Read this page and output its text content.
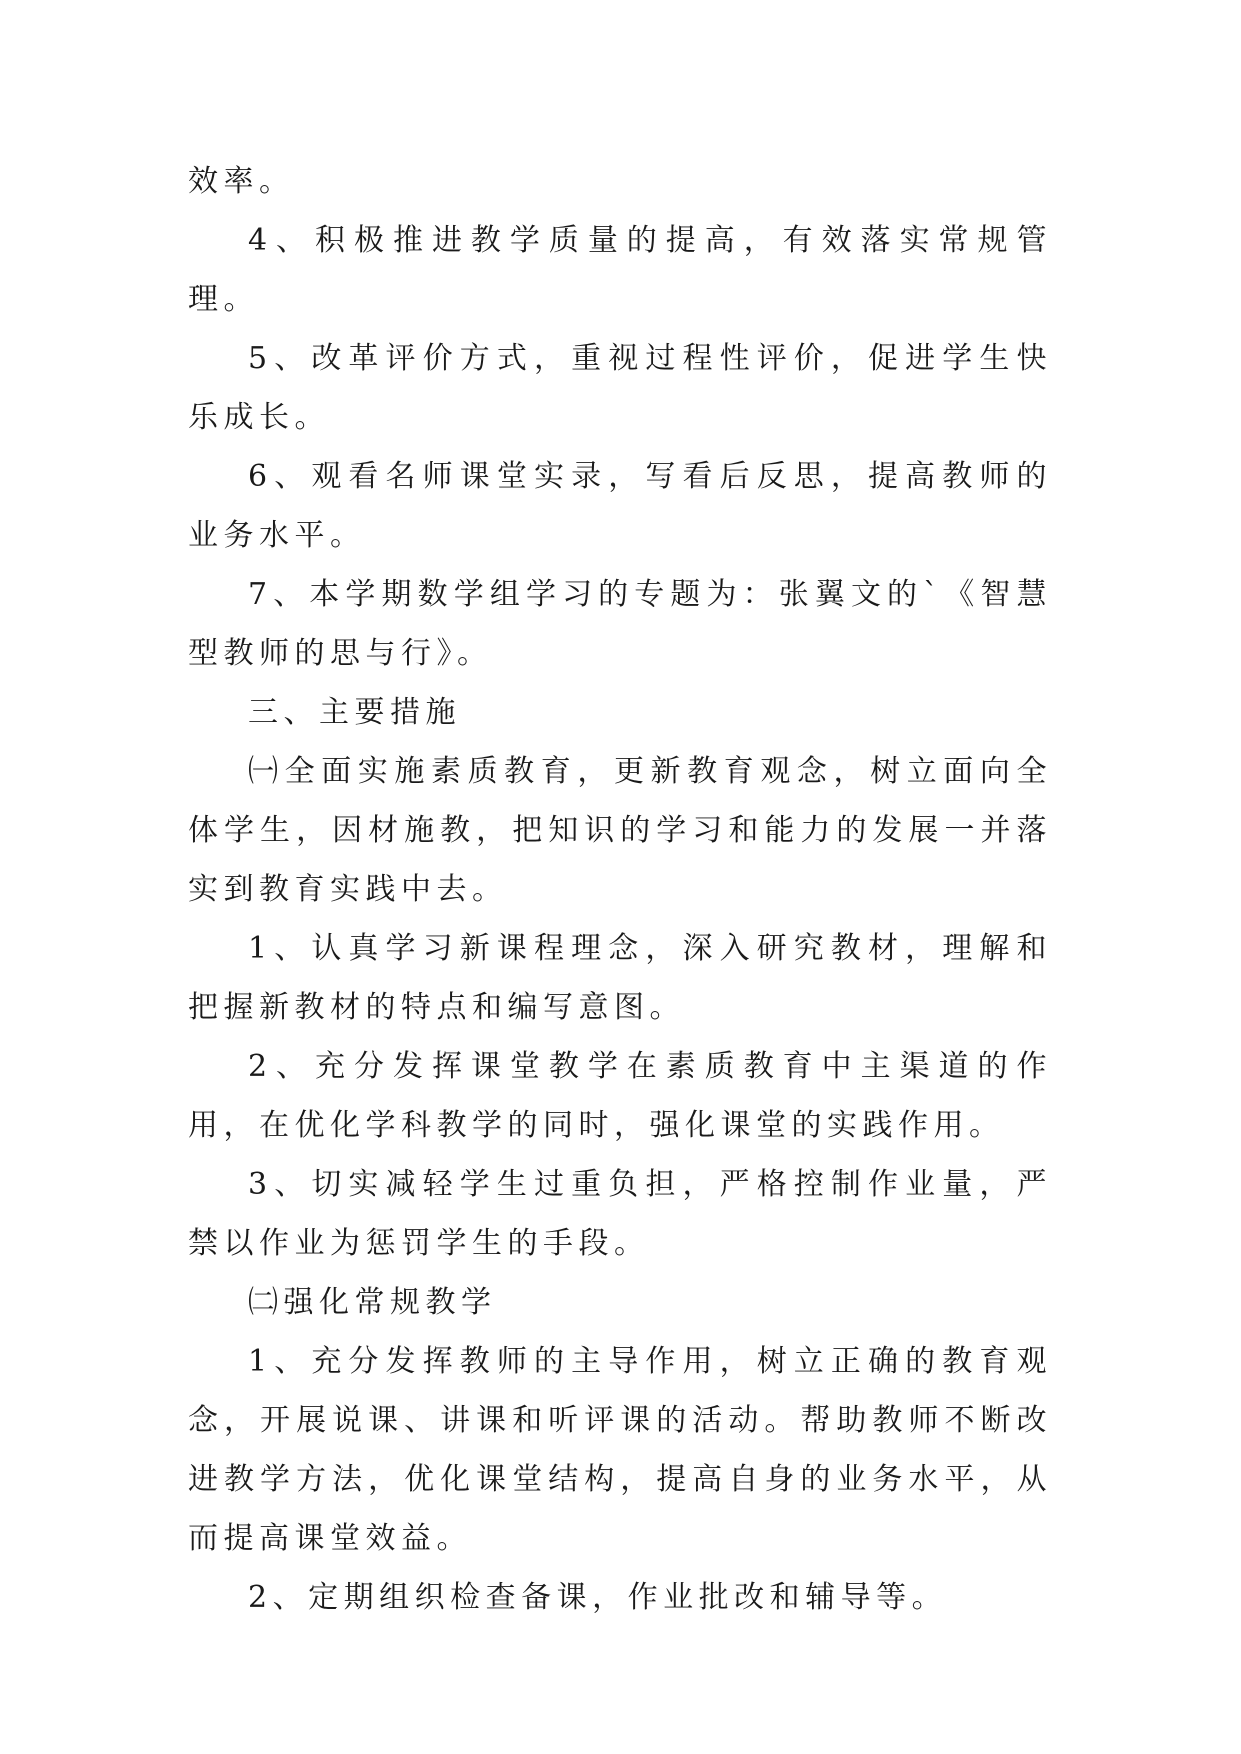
效率。

4、积极推进教学质量的提高，有效落实常规管理。

5、改革评价方式，重视过程性评价，促进学生快乐成长。

6、观看名师课堂实录，写看后反思，提高教师的业务水平。

7、本学期数学组学习的专题为：张翼文的`《智慧型教师的思与行》。

三、主要措施

㈠全面实施素质教育，更新教育观念，树立面向全体学生，因材施教，把知识的学习和能力的发展一并落实到教育实践中去。

1、认真学习新课程理念，深入研究教材，理解和把握新教材的特点和编写意图。

2、充分发挥课堂教学在素质教育中主渠道的作用，在优化学科教学的同时，强化课堂的实践作用。

3、切实减轻学生过重负担，严格控制作业量，严禁以作业为惩罚学生的手段。

㈡强化常规教学

1、充分发挥教师的主导作用，树立正确的教育观念，开展说课、讲课和听评课的活动。帮助教师不断改进教学方法，优化课堂结构，提高自身的业务水平，从而提高课堂效益。

2、定期组织检查备课，作业批改和辅导等。
